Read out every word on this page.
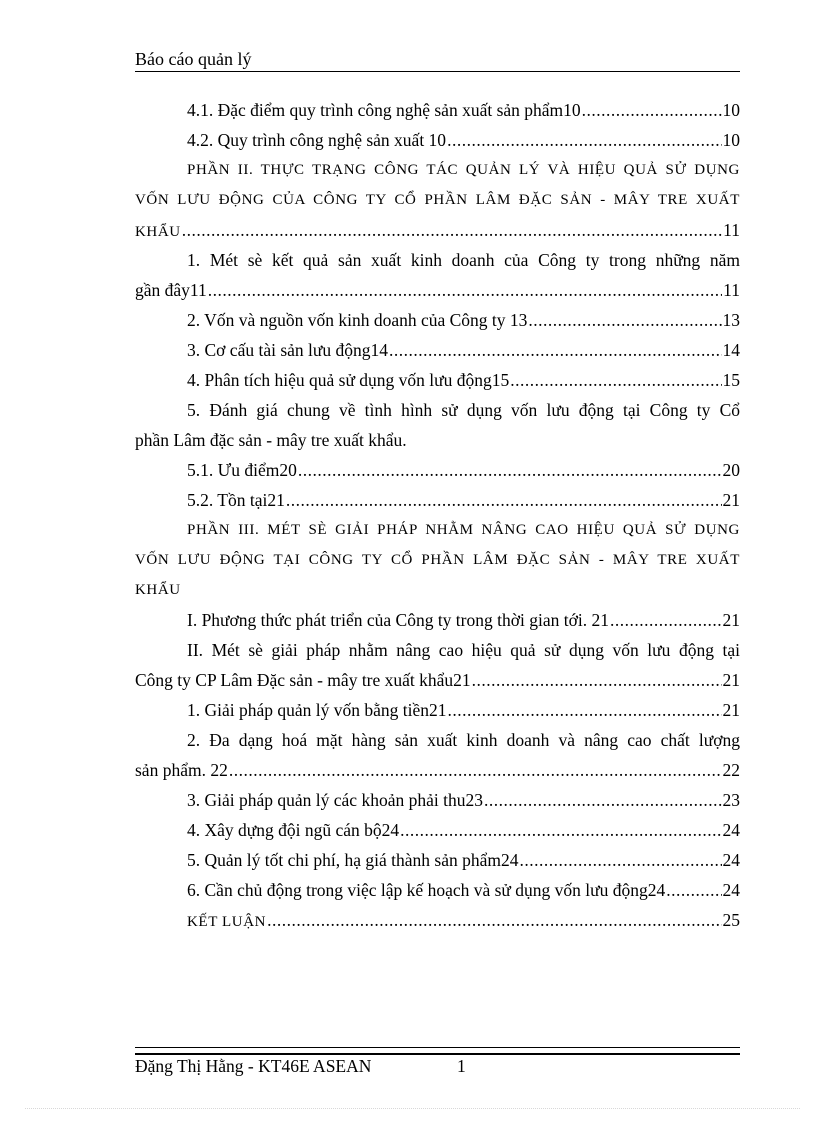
Báo cáo quản lý
4.1. Đặc điểm quy trình công nghệ sản xuất sản phẩm10 .....	10
4.2. Quy trình công nghệ sản xuất 10 .....	10
PHẦN II. THỰC TRẠNG CÔNG TÁC QUẢN LÝ VÀ HIỆU QUẢ SỬ DỤNG
VỐN LƯU ĐỘNG CỦA CÔNG TY CỔ PHẦN LÂM ĐẶC SẢN - MÂY TRE XUẤT
KHẨU .....	11
1. Mét sè kết quả sản xuất kinh doanh của Công ty trong những năm
gần đây11 .....	11
2. Vốn và nguồn vốn kinh doanh của Công ty 13 .....	13
3. Cơ cấu tài sản lưu động14 .....	14
4. Phân tích hiệu quả sử dụng vốn lưu động15 .....	15
5. Đánh giá chung về tình hình sử dụng vốn lưu động tại Công ty Cổ
phần Lâm đặc sản - mây tre xuất khẩu.
5.1. Ưu điểm20 .....	20
5.2. Tồn tại21 .....	21
PHẦN III. MÉT SÈ GIẢI PHÁP NHẰM NÂNG CAO HIỆU QUẢ SỬ DỤNG
VỐN LƯU ĐỘNG TẠI CÔNG TY CỔ PHẦN LÂM ĐẶC SẢN - MÂY TRE XUẤT
KHẨU
I. Phương thức phát triển của Công ty trong thời gian tới. 21 .....	21
II. Mét sè giải pháp nhằm nâng cao hiệu quả sử dụng vốn lưu động tại
Công ty CP Lâm Đặc sản - mây tre xuất khẩu21 .....	21
1. Giải pháp quản lý vốn bằng tiền21 .....	21
2. Đa dạng hoá mặt hàng sản xuất kinh doanh và nâng cao chất lượng
sản phẩm. 22 .....	22
3. Giải pháp quản lý các khoản phải thu23 .....	23
4. Xây dựng đội ngũ cán bộ24 .....	24
5. Quản lý tốt chi phí, hạ giá thành sản phẩm24 .....	24
6. Cần chủ động trong việc lập kế hoạch và sử dụng vốn lưu động24 .....	24
KẾT LUẬN .....	25
Đặng Thị Hằng - KT46E ASEAN	1
